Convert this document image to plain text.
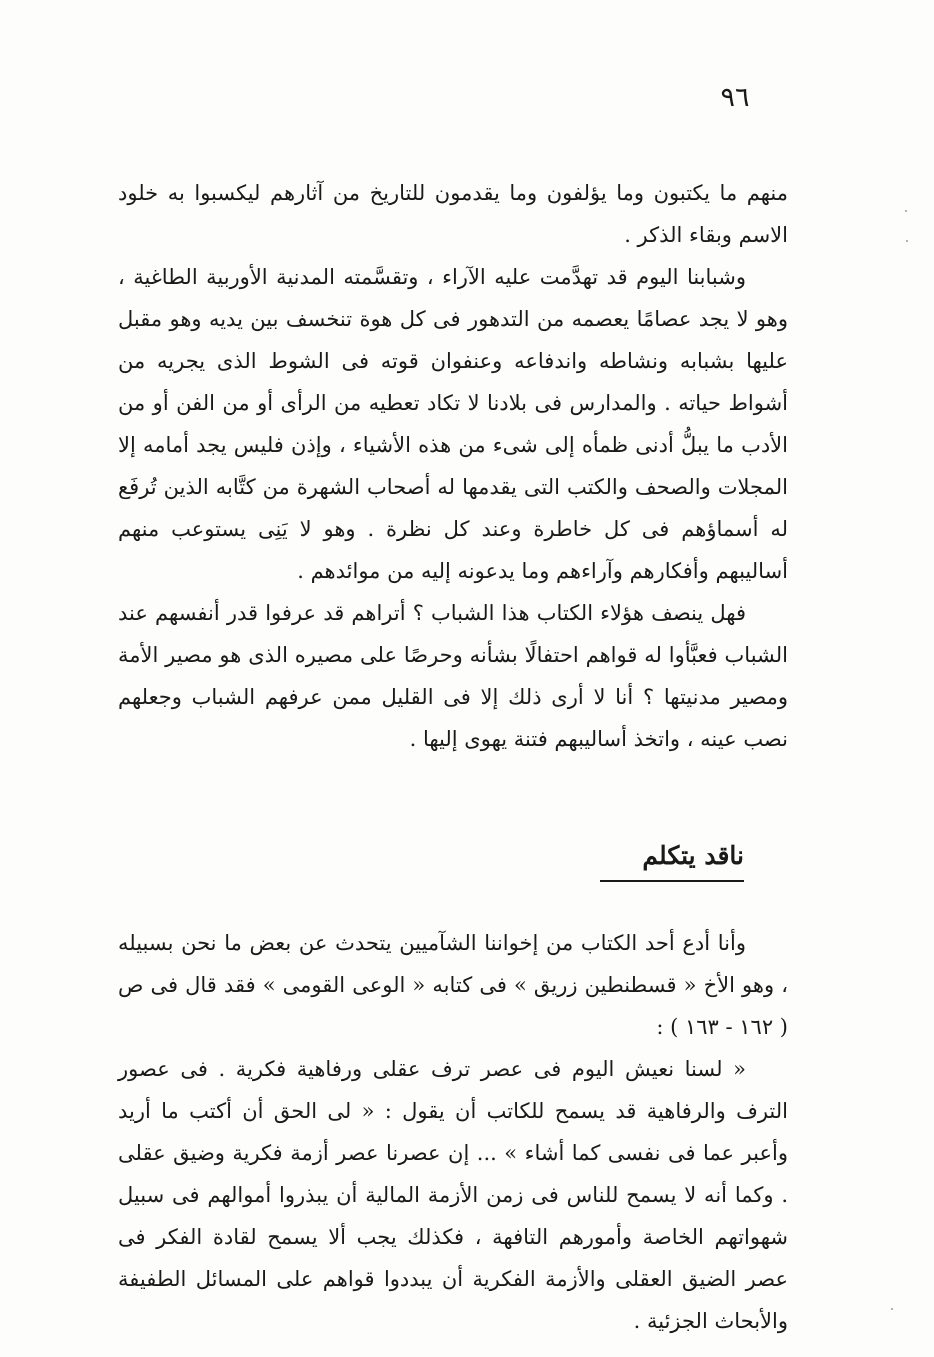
٩٦

منهم ما يكتبون وما يؤلفون وما يقدمون للتاريخ من آثارهم ليكسبوا به خلود الاسم وبقاء الذكر .

وشبابنا اليوم قد تهدَّمت عليه الآراء ، وتقسَّمته المدنية الأوربية الطاغية ، وهو لا يجد عصامًا يعصمه من التدهور فى كل هوة تنخسف بين يديه وهو مقبل عليها بشبابه ونشاطه واندفاعه وعنفوان قوته فى الشوط الذى يجريه من أشواط حياته . والمدارس فى بلادنا لا تكاد تعطيه من الرأى أو من الفن أو من الأدب ما يبلُّ أدنى ظمأه إلى شىء من هذه الأشياء ، وإذن فليس يجد أمامه إلا المجلات والصحف والكتب التى يقدمها له أصحاب الشهرة من كتَّابه الذين تُرفَع له أسماؤهم فى كل خاطرة وعند كل نظرة . وهو لا يَنِى يستوعب منهم أساليبهم وأفكارهم وآراءهم وما يدعونه إليه من موائدهم .

فهل ينصف هؤلاء الكتاب هذا الشباب ؟ أتراهم قد عرفوا قدر أنفسهم عند الشباب فعبَّأوا له قواهم احتفالًا بشأنه وحرصًا على مصيره الذى هو مصير الأمة ومصير مدنيتها ؟ أنا لا أرى ذلك إلا فى القليل ممن عرفهم الشباب وجعلهم نصب عينه ، واتخذ أساليبهم فتنة يهوى إليها .

ناقد يتكلم

وأنا أدع أحد الكتاب من إخواننا الشآميين يتحدث عن بعض ما نحن بسبيله ، وهو الأخ « قسطنطين زريق » فى كتابه « الوعى القومى » فقد قال فى ص ( ١٦٢ - ١٦٣ ) :

« لسنا نعيش اليوم فى عصر ترف عقلى ورفاهية فكرية . فى عصور الترف والرفاهية قد يسمح للكاتب أن يقول : « لى الحق أن أكتب ما أريد وأعبر عما فى نفسى كما أشاء » ... إن عصرنا عصر أزمة فكرية وضيق عقلى . وكما أنه لا يسمح للناس فى زمن الأزمة المالية أن يبذروا أموالهم فى سبيل شهواتهم الخاصة وأمورهم التافهة ، فكذلك يجب ألا يسمح لقادة الفكر فى عصر الضيق العقلى والأزمة الفكرية أن يبددوا قواهم على المسائل الطفيفة والأبحاث الجزئية .
